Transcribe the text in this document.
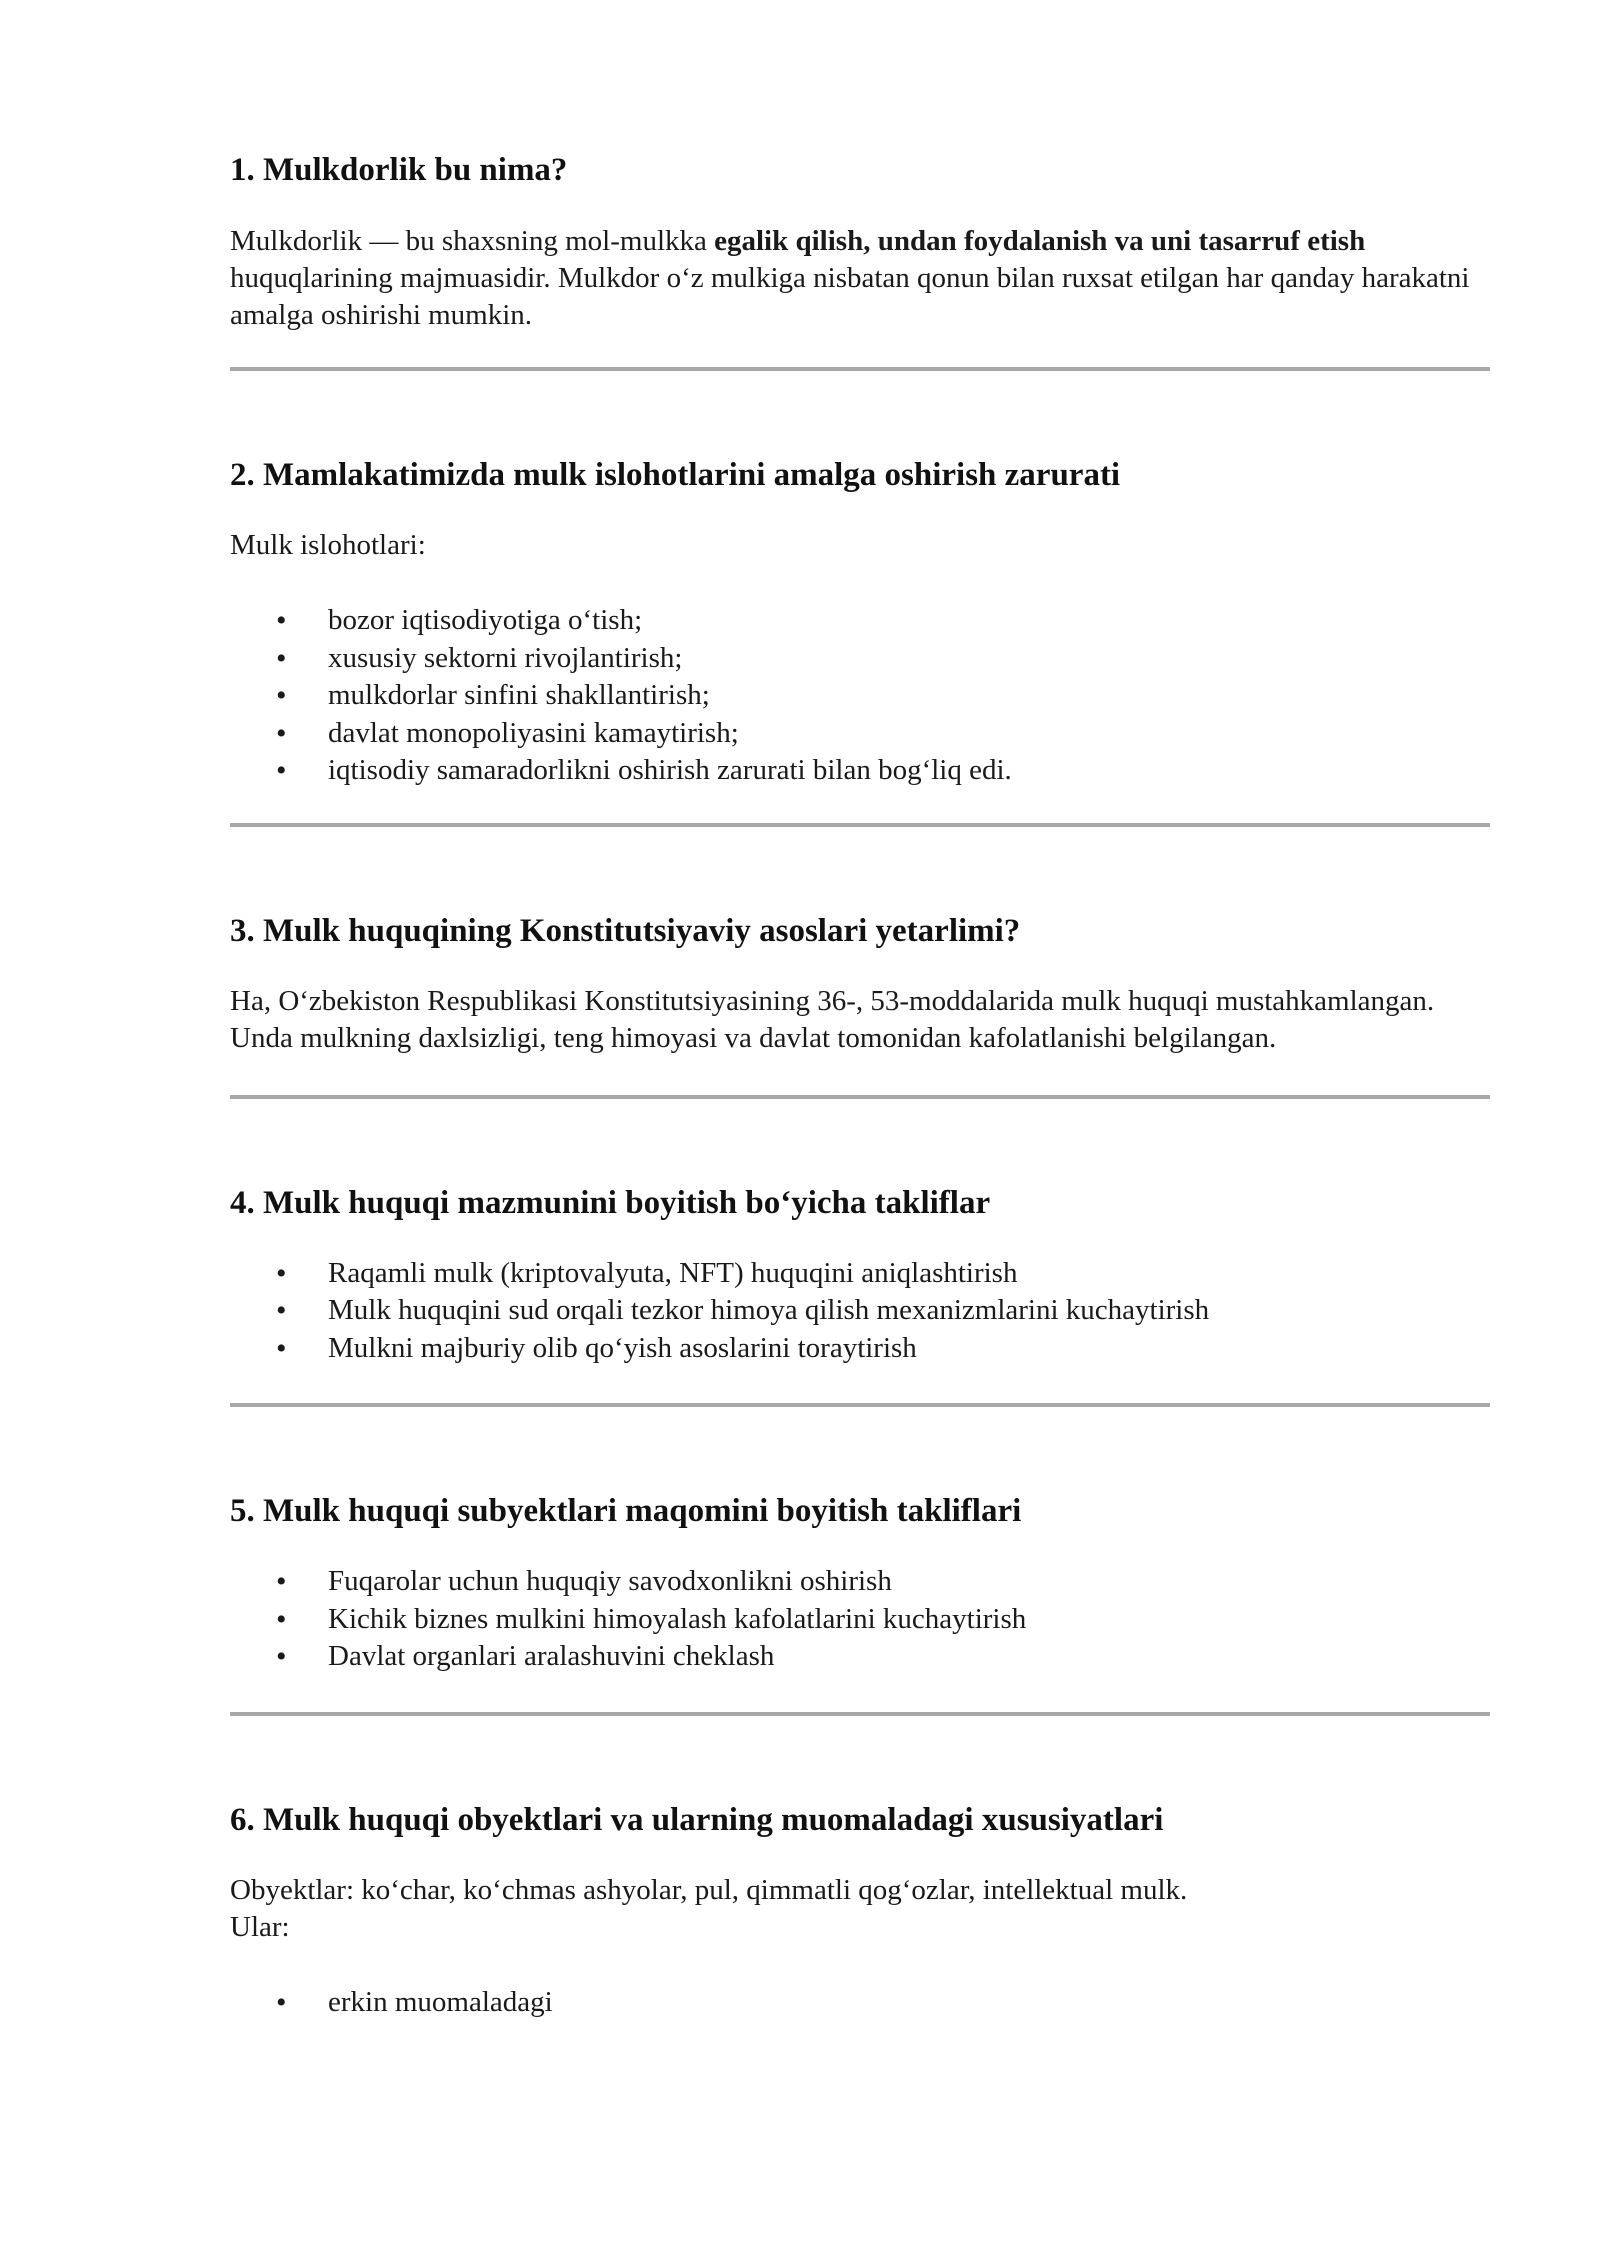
1. Mulkdorlik bu nima?

Mulkdorlik — bu shaxsning mol-mulkka egalik qilish, undan foydalanish va uni tasarruf etish huquqlarining majmuasidir. Mulkdor o‘z mulkiga nisbatan qonun bilan ruxsat etilgan har qanday harakatni amalga oshirishi mumkin.

2. Mamlakatimizda mulk islohotlarini amalga oshirish zarurati

Mulk islohotlari:

• bozor iqtisodiyotiga o‘tish;
• xususiy sektorni rivojlantirish;
• mulkdorlar sinfini shakllantirish;
• davlat monopoliyasini kamaytirish;
• iqtisodiy samaradorlikni oshirish zarurati bilan bog‘liq edi.
3. Mulk huquqining Konstitutsiyaviy asoslari yetarlimi?

Ha, O‘zbekiston Respublikasi Konstitutsiyasining 36-, 53-moddalarida mulk huquqi mustahkamlangan. Unda mulkning daxlsizligi, teng himoyasi va davlat tomonidan kafolatlanishi belgilangan.

4. Mulk huquqi mazmunini boyitish bo‘yicha takliflar
• Raqamli mulk (kriptovalyuta, NFT) huquqini aniqlashtirish
• Mulk huquqini sud orqali tezkor himoya qilish mexanizmlarini kuchaytirish
• Mulkni majburiy olib qo‘yish asoslarini toraytirish
5. Mulk huquqi subyektlari maqomini boyitish takliflari
• Fuqarolar uchun huquqiy savodxonlikni oshirish
• Kichik biznes mulkini himoyalash kafolatlarini kuchaytirish
• Davlat organlari aralashuvini cheklash
6. Mulk huquqi obyektlari va ularning muomaladagi xususiyatlari

Obyektlar: ko‘char, ko‘chmas ashyolar, pul, qimmatli qog‘ozlar, intellektual mulk.

Ular:

• erkin muomaladagi
